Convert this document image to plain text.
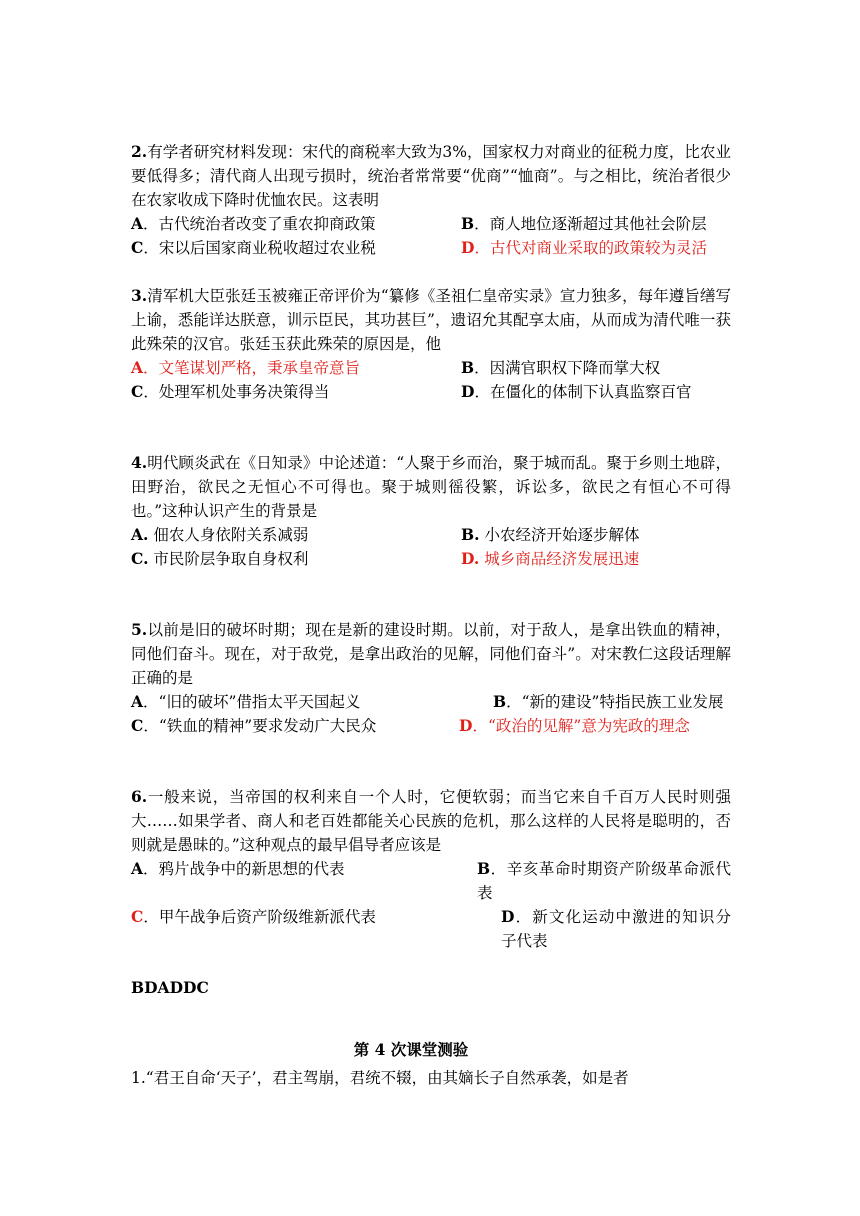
2.有学者研究材料发现：宋代的商税率大致为3%，国家权力对商业的征税力度，比农业要低得多；清代商人出现亏损时，统治者常常要“优商”“恤商”。与之相比，统治者很少在农家收成下降时优恤农民。这表明
A．古代统治者改变了重农抑商政策	B．商人地位逐渐超过其他社会阶层
C．宋以后国家商业税收超过农业税	D．古代对商业采取的政策较为灵活
3.清军机大臣张廷玉被雍正帝评价为“纂修《圣祖仁皇帝实录》宣力独多，每年遵旨缮写上谕，悉能详达朕意，训示臣民，其功甚巨”，遗诏允其配享太庙，从而成为清代唯一获此殊荣的汉官。张廷玉获此殊荣的原因是，他
A．文笔谋划严格，秉承皇帝意旨	B．因满官职权下降而掌大权
C．处理军机处事务决策得当	D．在僵化的体制下认真监察百官
4.明代顾炎武在《日知录》中论述道：“人聚于乡而治，聚于城而乱。聚于乡则土地辟，田野治，欲民之无恒心不可得也。聚于城则徭役繁，诉讼多，欲民之有恒心不可得也。”这种认识产生的背景是
A. 佃农人身依附关系减弱	B. 小农经济开始逐步解体
C. 市民阶层争取自身权利	D. 城乡商品经济发展迅速
5.以前是旧的破坏时期；现在是新的建设时期。以前，对于敌人，是拿出铁血的精神，同他们奋斗。现在，对于敌党，是拿出政治的见解，同他们奋斗”。对宋教仁这段话理解正确的是
A．“旧的破坏”借指太平天国起义	B．“新的建设”特指民族工业发展
C．“铁血的精神”要求发动广大民众	D．“政治的见解”意为宪政的理念
6.一般来说，当帝国的权利来自一个人时，它便软弱；而当它来自千百万人民时则强大……如果学者、商人和老百姓都能关心民族的危机，那么这样的人民将是聪明的，否则就是愚昧的。”这种观点的最早倡导者应该是
A．鸦片战争中的新思想的代表	B．辛亥革命时期资产阶级革命派代表
C．甲午战争后资产阶级维新派代表	D．新文化运动中激进的知识分子代表
BDADDC
第 4 次课堂测验
1.“君王自命‘天子’，君主驾崩，君统不辍，由其嫡长子自然承袭，如是者
